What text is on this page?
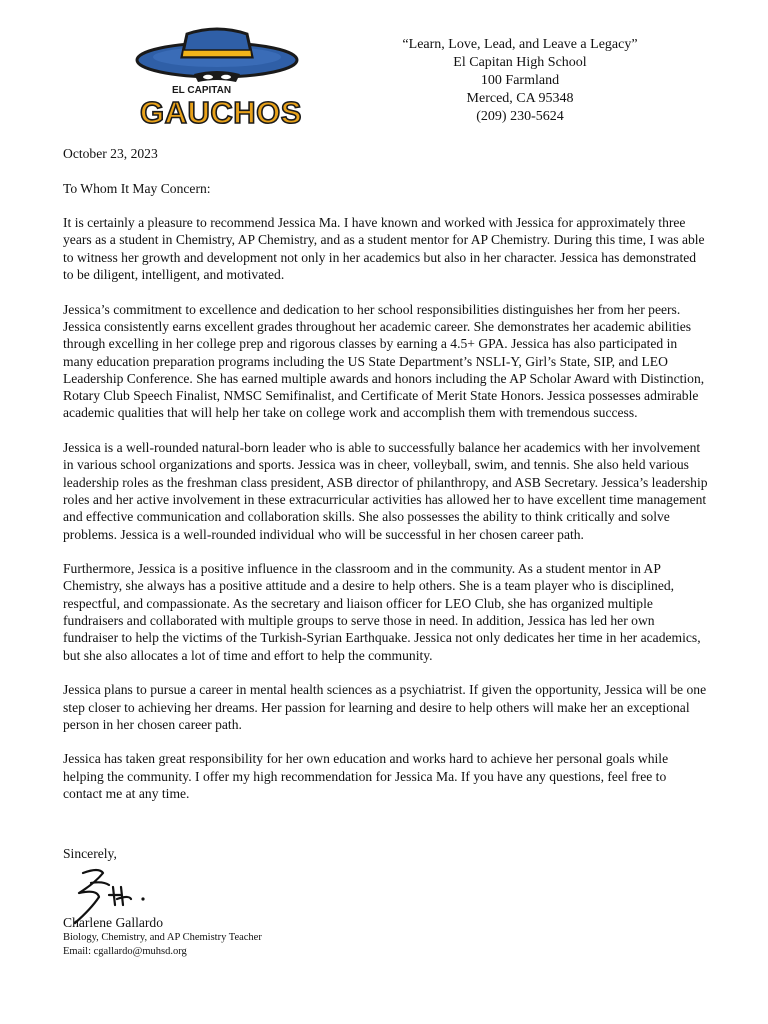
EL CAPITAN
GAUCHOS
“Learn, Love, Lead, and Leave a Legacy”
El Capitan High School
100 Farmland
Merced, CA 95348
(209) 230-5624
October 23, 2023

To Whom It May Concern:

It is certainly a pleasure to recommend Jessica Ma. I have known and worked with Jessica for approximately three years as a student in Chemistry, AP Chemistry, and as a student mentor for AP Chemistry. During this time, I was able to witness her growth and development not only in her academics but also in her character. Jessica has demonstrated to be diligent, intelligent, and motivated.

Jessica’s commitment to excellence and dedication to her school responsibilities distinguishes her from her peers. Jessica consistently earns excellent grades throughout her academic career. She demonstrates her academic abilities through excelling in her college prep and rigorous classes by earning a 4.5+ GPA. Jessica has also participated in many education preparation programs including the US State Department’s NSLI-Y, Girl’s State, SIP, and LEO Leadership Conference. She has earned multiple awards and honors including the AP Scholar Award with Distinction, Rotary Club Speech Finalist, NMSC Semifinalist, and Certificate of Merit State Honors. Jessica possesses admirable academic qualities that will help her take on college work and accomplish them with tremendous success.

Jessica is a well-rounded natural-born leader who is able to successfully balance her academics with her involvement in various school organizations and sports. Jessica was in cheer, volleyball, swim, and tennis. She also held various leadership roles as the freshman class president, ASB director of philanthropy, and ASB Secretary. Jessica’s leadership roles and her active involvement in these extracurricular activities has allowed her to have excellent time management and effective communication and collaboration skills. She also possesses the ability to think critically and solve problems. Jessica is a well-rounded individual who will be successful in her chosen career path.

Furthermore, Jessica is a positive influence in the classroom and in the community. As a student mentor in AP Chemistry, she always has a positive attitude and a desire to help others. She is a team player who is disciplined, respectful, and compassionate. As the secretary and liaison officer for LEO Club, she has organized multiple fundraisers and collaborated with multiple groups to serve those in need. In addition, Jessica has led her own fundraiser to help the victims of the Turkish-Syrian Earthquake. Jessica not only dedicates her time in her academics, but she also allocates a lot of time and effort to help the community.

Jessica plans to pursue a career in mental health sciences as a psychiatrist. If given the opportunity, Jessica will be one step closer to achieving her dreams. Her passion for learning and desire to help others will make her an exceptional person in her chosen career path.

Jessica has taken great responsibility for her own education and works hard to achieve her personal goals while helping the community. I offer my high recommendation for Jessica Ma. If you have any questions, feel free to contact me at any time.

Sincerely,
Charlene Gallardo
Biology, Chemistry, and AP Chemistry Teacher
Email: cgallardo@muhsd.org
